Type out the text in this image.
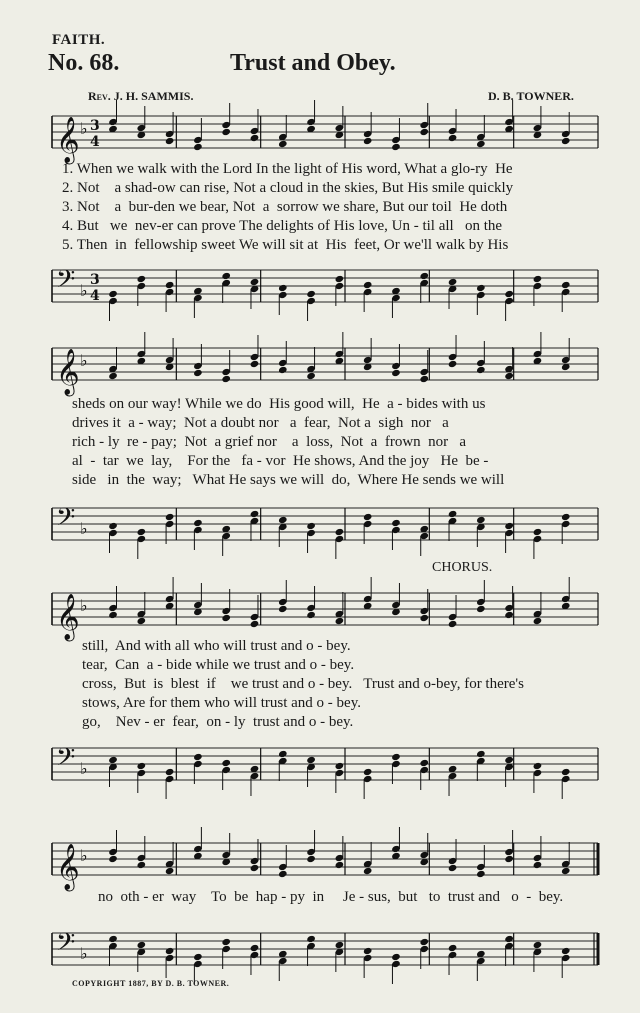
FAITH.
No. 68.	Trust and Obey.
Rev. J. H. SAMMIS.	D. B. TOWNER.
𝄞 ♭ 3
4
1. When we walk with the Lord In the light of His word, What a glo-ry  He
2. Not    a shad-ow can rise, Not a cloud in the skies, But His smile quickly
3. Not    a  bur-den we bear, Not  a  sorrow we share, But our toil  He doth
4. But   we  nev-er can prove The delights of His love, Un - til all   on the
5. Then  in  fellowship sweet We will sit at  His  feet, Or we'll walk by His
𝄢 ♭
3
4
𝄞 ♭
sheds on our way! While we do  His good will,  He  a - bides with us
drives it  a - way;  Not a doubt nor   a  fear,  Not a  sigh  nor   a
rich - ly  re - pay;  Not  a grief nor    a  loss,  Not  a  frown  nor   a
al  -  tar  we  lay,    For the   fa - vor  He shows, And the joy   He  be -
side   in  the  way;   What He says we will  do,  Where He sends we will
𝄢 ♭
CHORUS.
𝄞 ♭
still,  And with all who will trust and o - bey.
tear,  Can  a - bide while we trust and o - bey.
cross,  But  is  blest  if    we trust and o - bey.   Trust and o-bey, for there's
stows, Are for them who will trust and o - bey.
go,    Nev - er  fear,  on - ly  trust and o - bey.
𝄢 ♭
𝄞 ♭
no  oth - er  way    To  be  hap - py  in     Je - sus,  but   to  trust and   o  -  bey.
𝄢 ♭
COPYRIGHT 1887, BY D. B. TOWNER.
